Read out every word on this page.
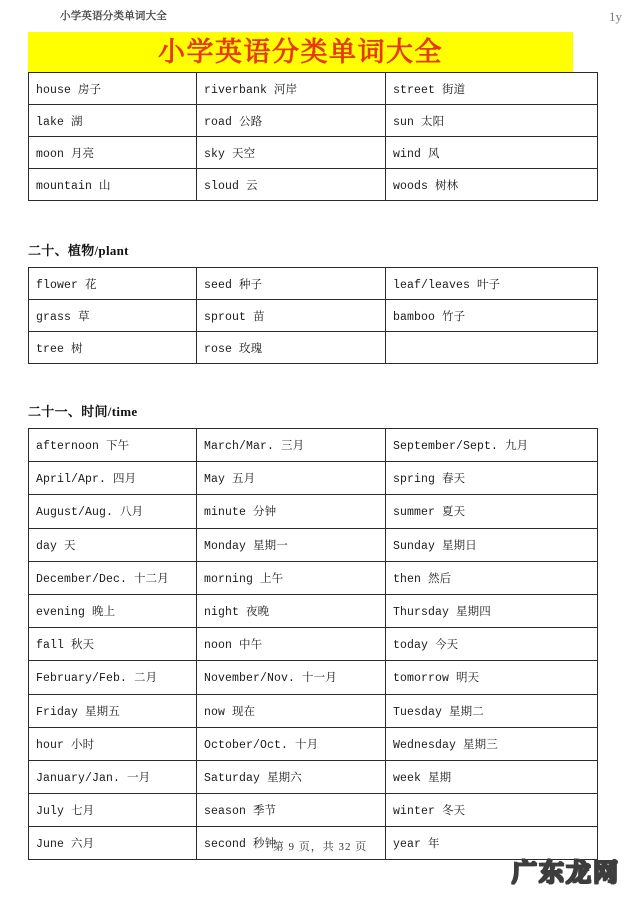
小学英语分类单词大全	1y
小学英语分类单词大全
house 房子	riverbank 河岸	street 街道
lake 湖	road 公路	sun 太阳
moon 月亮	sky 天空	wind 风
mountain 山	sloud 云	woods 树林
二十、植物/plant
flower 花	seed 种子	leaf/leaves 叶子
grass 草	sprout 苗	bamboo 竹子
tree 树	rose 玫瑰	
二十一、时间/time
afternoon 下午	March/Mar. 三月	September/Sept. 九月
April/Apr. 四月	May 五月	spring 春天
August/Aug. 八月	minute 分钟	summer 夏天
day 天	Monday 星期一	Sunday 星期日
December/Dec. 十二月	morning 上午	then 然后
evening 晚上	night 夜晚	Thursday 星期四
fall 秋天	noon 中午	today 今天
February/Feb. 二月	November/Nov. 十一月	tomorrow 明天
Friday 星期五	now 现在	Tuesday 星期二
hour 小时	October/Oct. 十月	Wednesday 星期三
January/Jan. 一月	Saturday 星期六	week 星期
July 七月	season 季节	winter 冬天
June 六月	second 秒钟	year 年
第 9 页，共 32 页
广东龙网
